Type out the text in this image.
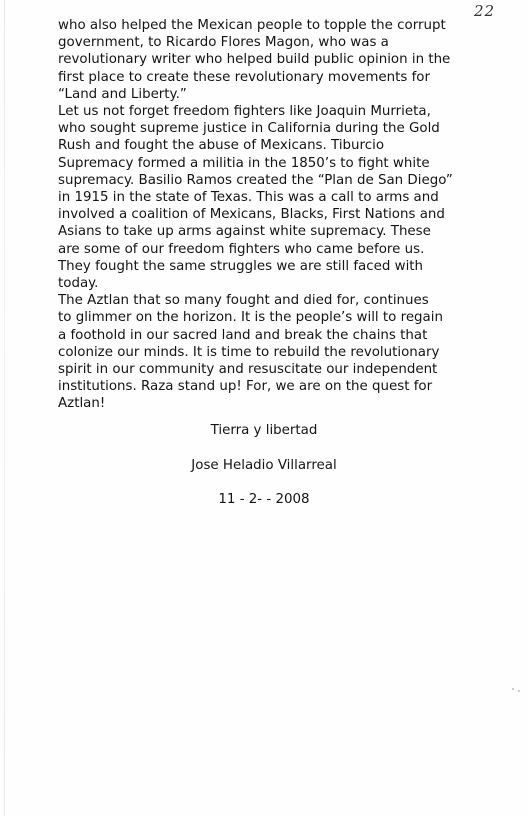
22

who also helped the Mexican people to topple the corrupt
government, to Ricardo Flores Magon, who was a
revolutionary writer who helped build public opinion in the
first place to create these revolutionary movements for
“Land and Liberty.”

Let us not forget freedom fighters like Joaquin Murrieta,
who sought supreme justice in California during the Gold
Rush and fought the abuse of Mexicans. Tiburcio
Supremacy formed a militia in the 1850’s to fight white
supremacy. Basilio Ramos created the “Plan de San Diego”
in 1915 in the state of Texas. This was a call to arms and
involved a coalition of Mexicans, Blacks, First Nations and
Asians to take up arms against white supremacy. These
are some of our freedom fighters who came before us.
They fought the same struggles we are still faced with
today.

The Aztlan that so many fought and died for, continues
to glimmer on the horizon. It is the people’s will to regain
a foothold in our sacred land and break the chains that
colonize our minds. It is time to rebuild the revolutionary
spirit in our community and resuscitate our independent
institutions. Raza stand up! For, we are on the quest for
Aztlan!

Tierra y libertad
Jose Heladio Villarreal
11 - 2- - 2008
